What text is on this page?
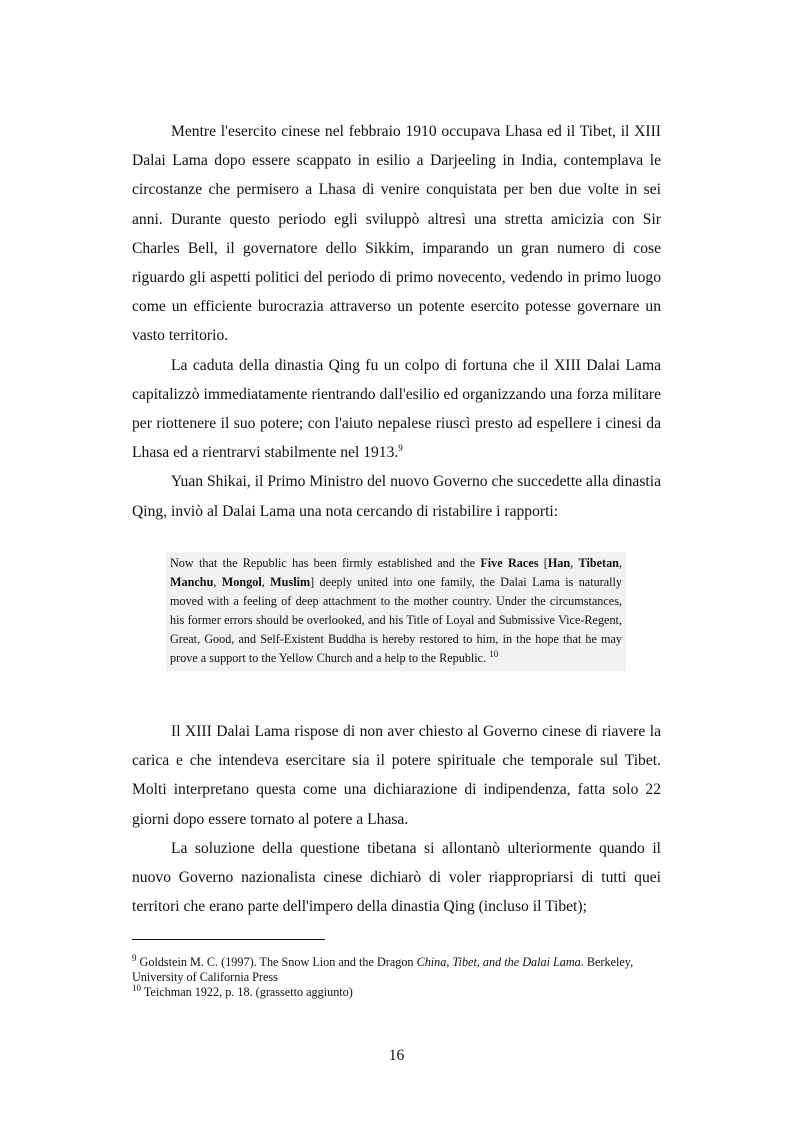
Mentre l'esercito cinese nel febbraio 1910 occupava Lhasa ed il Tibet, il XIII Dalai Lama dopo essere scappato in esilio a Darjeeling in India, contemplava le circostanze che permisero a Lhasa di venire conquistata per ben due volte in sei anni. Durante questo periodo egli sviluppò altresì una stretta amicizia con Sir Charles Bell, il governatore dello Sikkim, imparando un gran numero di cose riguardo gli aspetti politici del periodo di primo novecento, vedendo in primo luogo come un efficiente burocrazia attraverso un potente esercito potesse governare un vasto territorio.

La caduta della dinastia Qing fu un colpo di fortuna che il XIII Dalai Lama capitalizzò immediatamente rientrando dall'esilio ed organizzando una forza militare per riottenere il suo potere; con l'aiuto nepalese riuscì presto ad espellere i cinesi da Lhasa ed a rientrarvi stabilmente nel 1913.$^9$

Yuan Shikai, il Primo Ministro del nuovo Governo che succedette alla dinastia Qing, inviò al Dalai Lama una nota cercando di ristabilire i rapporti:

Now that the Republic has been firmly established and the Five Races [Han, Tibetan, Manchu, Mongol, Muslim] deeply united into one family, the Dalai Lama is naturally moved with a feeling of deep attachment to the mother country. Under the circumstances, his former errors should be overlooked, and his Title of Loyal and Submissive Vice-Regent, Great, Good, and Self-Existent Buddha is hereby restored to him, in the hope that he may prove a support to the Yellow Church and a help to the Republic. $^{10}$

Il XIII Dalai Lama rispose di non aver chiesto al Governo cinese di riavere la carica e che intendeva esercitare sia il potere spirituale che temporale sul Tibet. Molti interpretano questa come una dichiarazione di indipendenza, fatta solo 22 giorni dopo essere tornato al potere a Lhasa.

La soluzione della questione tibetana si allontanò ulteriormente quando il nuovo Governo nazionalista cinese dichiarò di voler riappropriarsi di tutti quei territori che erano parte dell'impero della dinastia Qing (incluso il Tibet);

$^9$ Goldstein M. C. (1997). The Snow Lion and the Dragon China, Tibet, and the Dalai Lama. Berkeley, University of California Press

$^{10}$ Teichman 1922, p. 18. (grassetto aggiunto)

16
